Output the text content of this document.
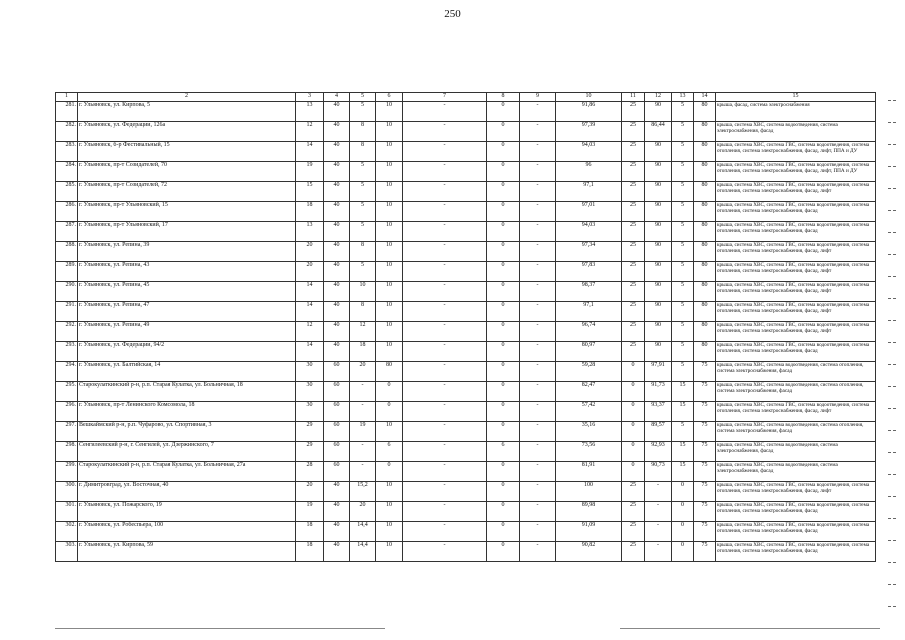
250
1	2	3	4	5	6	7	8	9	10	11	12	13	14	15
281.	г. Ульяновск, ул. Кирпова, 5	13	40	5	10	-	0	-	91,86	25	90	5	80	крыша, фасад, система электроснабжения
282.	г. Ульяновск, ул. Федерации, 126а	12	40	8	10	-	0	-	97,39	25	86,44	5	80	крыша, система ХВС, система водоотведения, система электроснабжения, фасад
283.	г. Ульяновск, б-р Фестивальный, 15	14	40	8	10	-	0	-	94,03	25	90	5	80	крыша, система ХВС, система ГВС, система водоотведения, система отопления, система электроснабжения, фасад, лифт, ППА и ДУ
284.	г. Ульяновск, пр-т Созидателей, 70	19	40	5	10	-	0	-	96	25	90	5	80	крыша, система ХВС, система ГВС, система водоотведения, система отопления, система электроснабжения, фасад, лифт, ППА и ДУ
285.	г. Ульяновск, пр-т Созидателей, 72	15	40	5	10	-	0	-	97,1	25	90	5	80	крыша, система ХВС, система ГВС, система водоотведения, система отопления, система электроснабжения, фасад, лифт
286.	г. Ульяновск, пр-т Ульяновский, 15	18	40	5	10	-	0	-	97,01	25	90	5	80	крыша, система ХВС, система ГВС, система водоотведения, система отопления, система электроснабжения, фасад
287.	г. Ульяновск, пр-т Ульяновский, 17	13	40	5	10	-	0	-	94,03	25	90	5	80	крыша, система ХВС, система ГВС, система водоотведения, система отопления, система электроснабжения, фасад
288.	г. Ульяновск, ул. Репина, 39	20	40	8	10	-	0	-	97,34	25	90	5	80	крыша, система ХВС, система ГВС, система водоотведения, система отопления, система электроснабжения, фасад, лифт
289.	г. Ульяновск, ул. Репина, 43	20	40	5	10	-	0	-	97,83	25	90	5	80	крыша, система ХВС, система ГВС, система водоотведения, система отопления, система электроснабжения, фасад, лифт
290.	г. Ульяновск, ул. Репина, 45	14	40	10	10	-	0	-	98,37	25	90	5	80	крыша, система ХВС, система ГВС, система водоотведения, система отопления, система электроснабжения, фасад, лифт
291.	г. Ульяновск, ул. Репина, 47	14	40	8	10	-	0	-	97,1	25	90	5	80	крыша, система ХВС, система ГВС, система водоотведения, система отопления, система электроснабжения, фасад, лифт
292.	г. Ульяновск, ул. Репина, 49	12	40	12	10	-	0	-	96,74	25	90	5	80	крыша, система ХВС, система ГВС, система водоотведения, система отопления, система электроснабжения, фасад, лифт
293.	г. Ульяновск, ул. Федерации, 94/2	14	40	18	10	-	0	-	80,97	25	90	5	80	крыша, система ХВС, система ГВС, система водоотведения, система отопления, система электроснабжения, фасад
294.	г. Ульяновск, ул. Балтийская, 14	30	60	20	80	-	0	-	59,28	0	97,91	5	75	крыша, система ХВС, система водоотведения, система отопления, система электроснабжения, фасад
295.	Старокулаткинский р-н, р.п. Старая Кулатка, ул. Больничная, 18	30	60	-	0	-	0	-	82,47	0	91,73	15	75	крыша, система ХВС, система водоотведения, система отопления, система электроснабжения, фасад
296.	г. Ульяновск, пр-т Ленинского Комсомола, 18	30	60	-	0	-	0	-	57,42	0	93,37	15	75	крыша, система ХВС, система ГВС, система водоотведения, система отопления, система электроснабжения, фасад, лифт
297.	Вешкаймский р-н, р.п. Чуфарово, ул. Спортивная, 3	29	60	19	10	-	0	-	35,16	0	89,57	5	75	крыша, система ХВС, система водоотведения, система отопления, система электроснабжения, фасад
298.	Сенгилеевский р-н, г. Сенгилей, ул. Дзержинского, 7	29	60	-	6	-	6	-	73,56	0	92,93	15	75	крыша, система ХВС, система водоотведения, система электроснабжения, фасад
299.	Старокулаткинский р-н, р.п. Старая Кулатка, ул. Больничная, 27а	28	60	-	0	-	0	-	81,91	0	90,73	15	75	крыша, система ХВС, система водоотведения, система электроснабжения, фасад
300.	г. Димитровград, ул. Восточная, 40	20	40	15,2	10	-	0	-	100	25	-	0	75	крыша, система ХВС, система ГВС, система водоотведения, система отопления, система электроснабжения, фасад, лифт
301.	г. Ульяновск, ул. Пожарского, 19	19	40	20	10	-	0	-	89,98	25	-	0	75	крыша, система ХВС, система ГВС, система водоотведения, система отопления, система электроснабжения, фасад
302.	г. Ульяновск, ул. Робеспьера, 100	18	40	14,4	10	-	0	-	91,09	25	-	0	75	крыша, система ХВС, система ГВС, система водоотведения, система отопления, система электроснабжения, фасад
303.	г. Ульяновск, ул. Кирпова, 59	18	40	14,4	10	-	0	-	90,82	25	-	0	75	крыша, система ХВС, система ГВС, система водоотведения, система отопления, система электроснабжения, фасад
